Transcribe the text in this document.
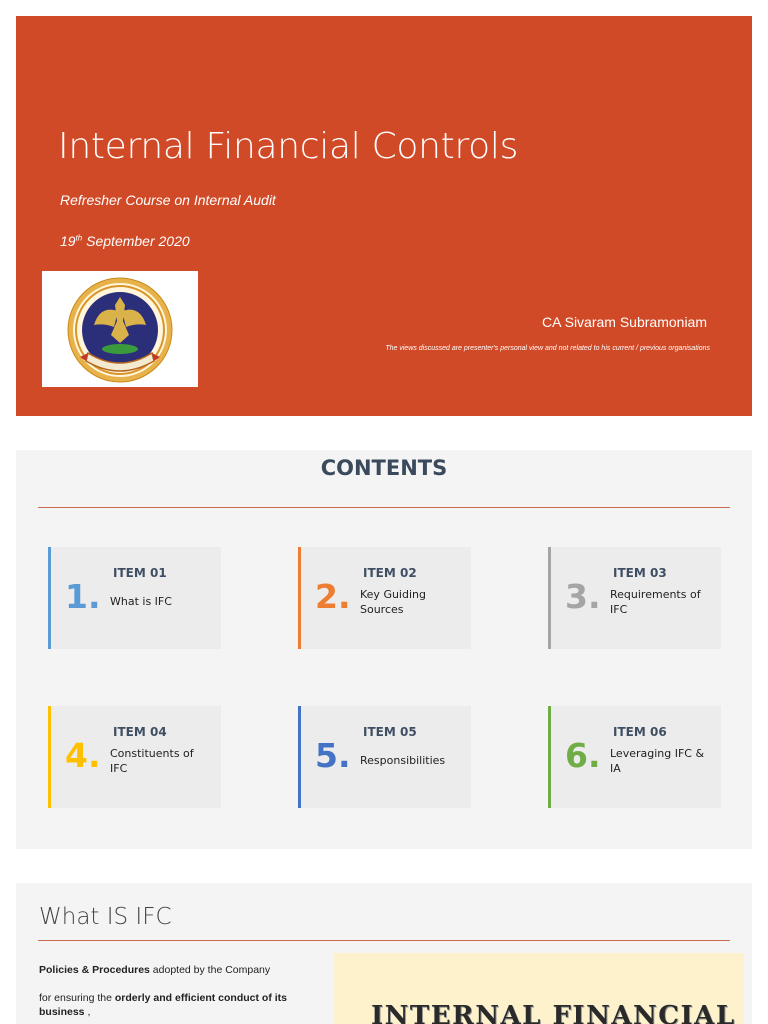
Internal Financial Controls
Refresher Course on Internal Audit
19th September 2020
CA Sivaram Subramoniam
The views discussed are presenter's personal view and not related to his current / previous organisations
CONTENTS
1.
ITEM 01
What is IFC	2.
ITEM 02
Key Guiding Sources	3.
ITEM 03
Requirements of IFC
4.
ITEM 04
Constituents of IFC	5.
ITEM 05
Responsibilities	6.
ITEM 06
Leveraging IFC & IA
What IS IFC
Policies & Procedures adopted by the Company
for ensuring the orderly and efficient conduct of its business ,	INTERNAL FINANCIAL
